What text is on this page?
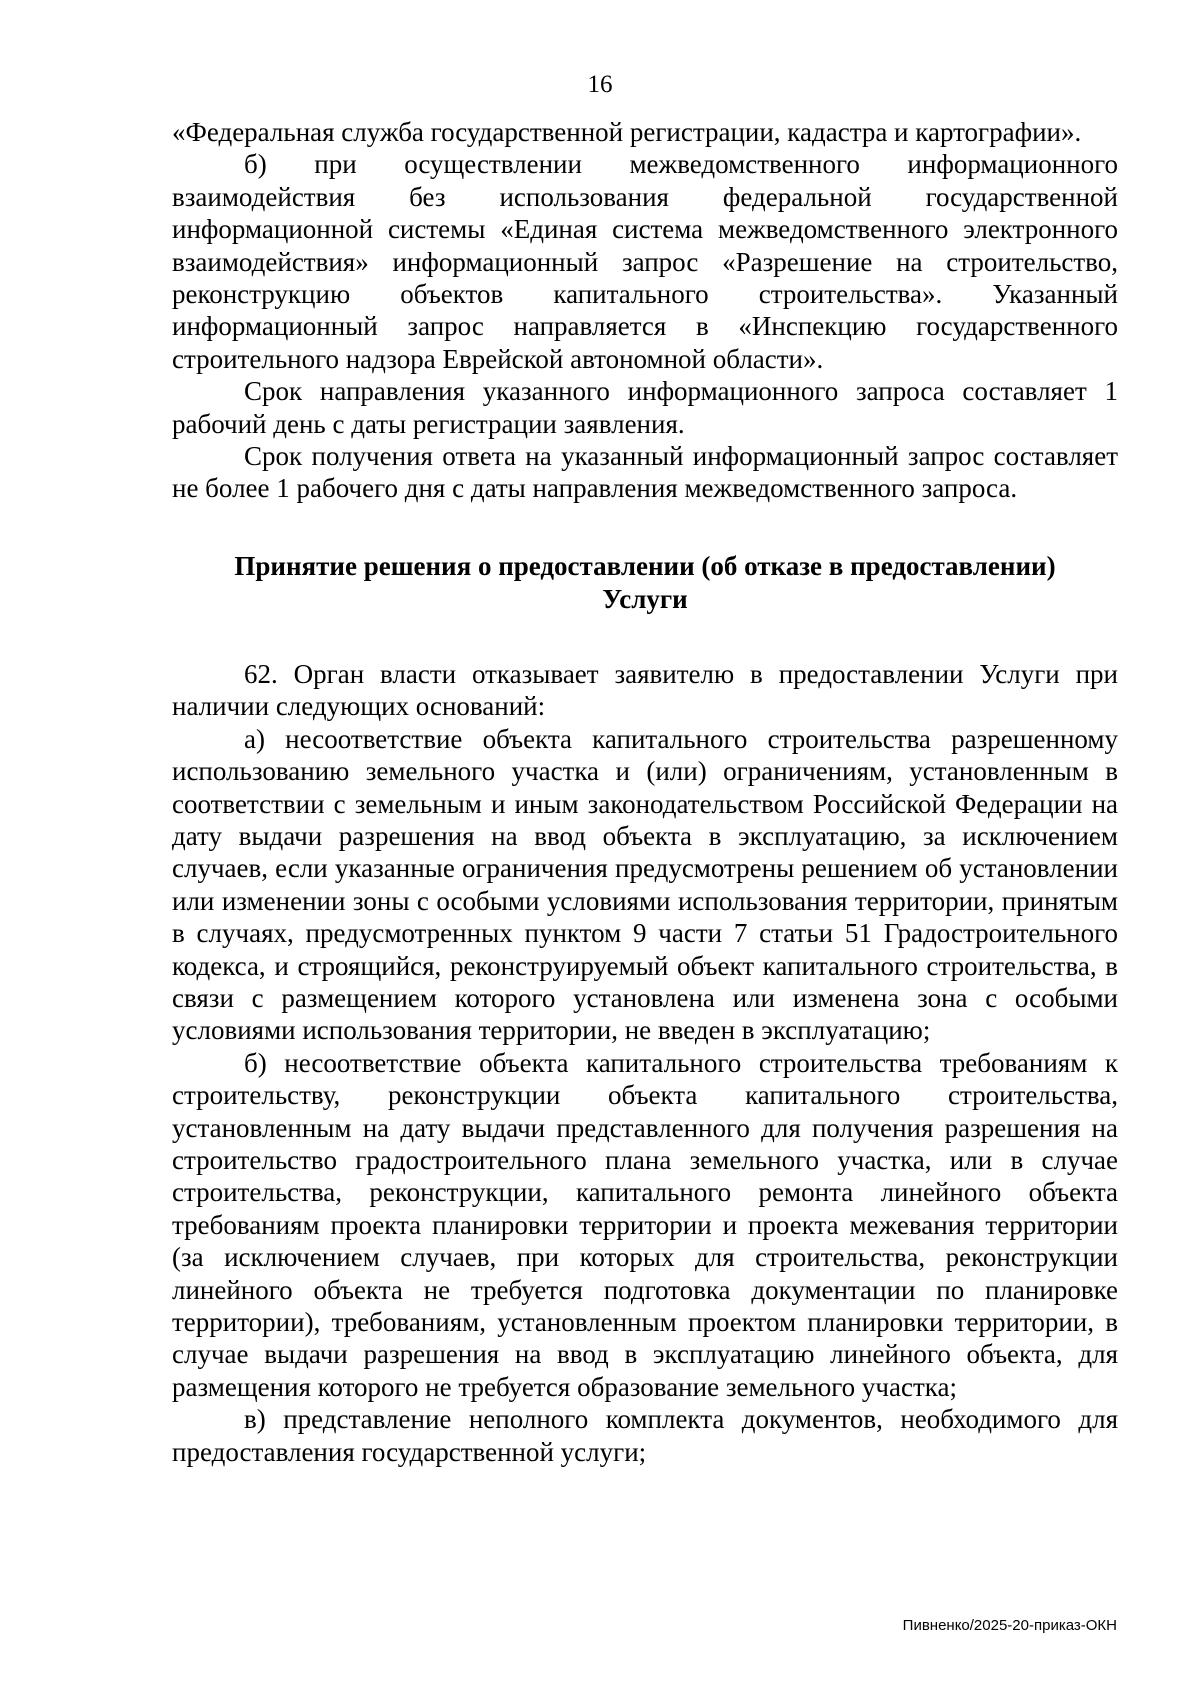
16

«Федеральная служба государственной регистрации, кадастра и картографии».

б) при осуществлении межведомственного информационного взаимодействия без использования федеральной государственной информационной системы «Единая система межведомственного электронного взаимодействия» информационный запрос «Разрешение на строительство, реконструкцию объектов капитального строительства». Указанный информационный запрос направляется в «Инспекцию государственного строительного надзора Еврейской автономной области».

Срок направления указанного информационного запроса составляет 1 рабочий день с даты регистрации заявления.

Срок получения ответа на указанный информационный запрос составляет не более 1 рабочего дня с даты направления межведомственного запроса.

Принятие решения о предоставлении (об отказе в предоставлении) Услуги

62. Орган власти отказывает заявителю в предоставлении Услуги при наличии следующих оснований:

а) несоответствие объекта капитального строительства разрешенному использованию земельного участка и (или) ограничениям, установленным в соответствии с земельным и иным законодательством Российской Федерации на дату выдачи разрешения на ввод объекта в эксплуатацию, за исключением случаев, если указанные ограничения предусмотрены решением об установлении или изменении зоны с особыми условиями использования территории, принятым в случаях, предусмотренных пунктом 9 части 7 статьи 51 Градостроительного кодекса, и строящийся, реконструируемый объект капитального строительства, в связи с размещением которого установлена или изменена зона с особыми условиями использования территории, не введен в эксплуатацию;

б) несоответствие объекта капитального строительства требованиям к строительству, реконструкции объекта капитального строительства, установленным на дату выдачи представленного для получения разрешения на строительство градостроительного плана земельного участка, или в случае строительства, реконструкции, капитального ремонта линейного объекта требованиям проекта планировки территории и проекта межевания территории (за исключением случаев, при которых для строительства, реконструкции линейного объекта не требуется подготовка документации по планировке территории), требованиям, установленным проектом планировки территории, в случае выдачи разрешения на ввод в эксплуатацию линейного объекта, для размещения которого не требуется образование земельного участка;

в) представление неполного комплекта документов, необходимого для предоставления государственной услуги;

Пивненко/2025-20-приказ-ОКН
